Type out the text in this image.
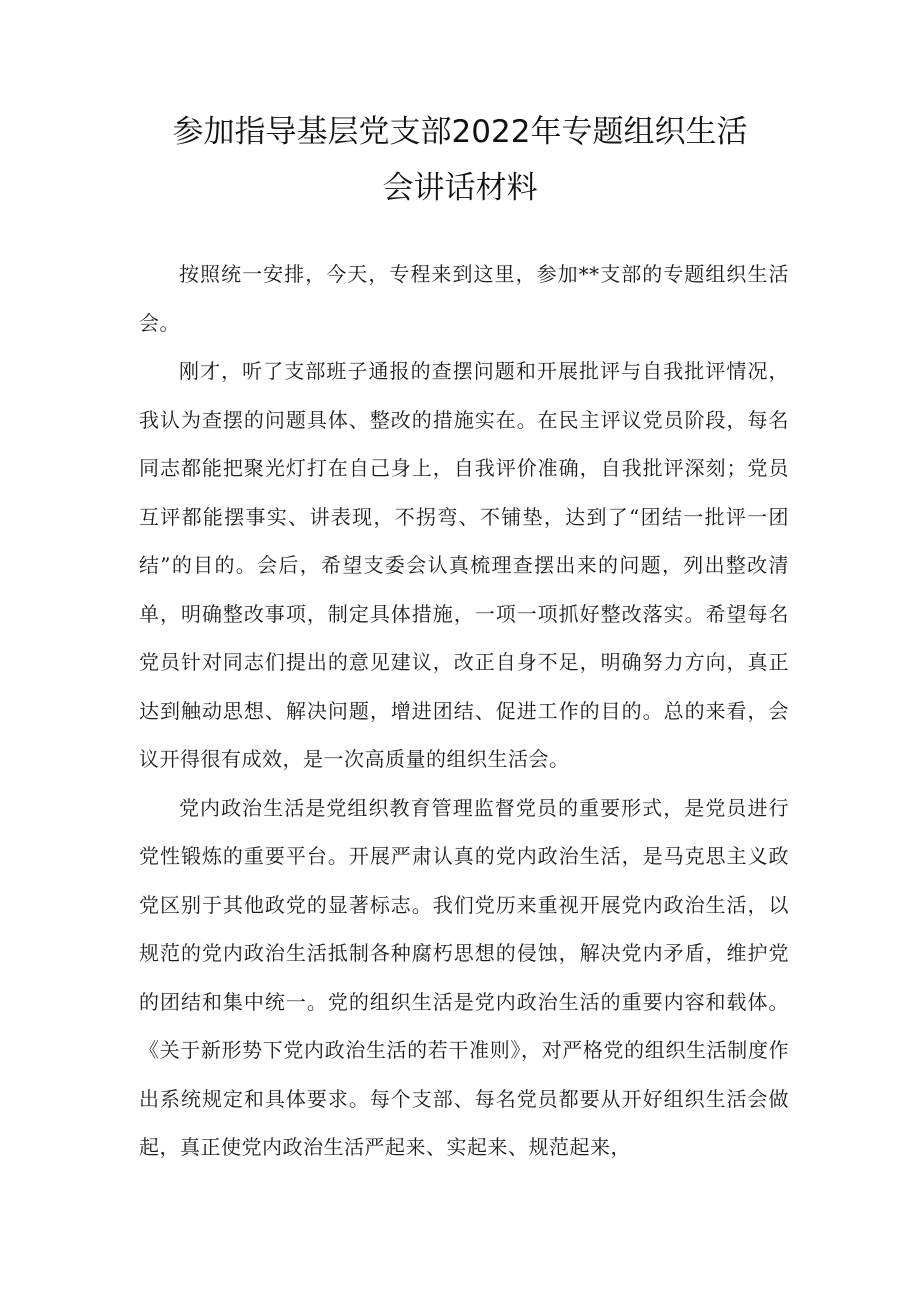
参加指导基层党支部2022年专题组织生活
会讲话材料

按照统一安排，今天，专程来到这里，参加**支部的专题组织生活会。

刚才，听了支部班子通报的查摆问题和开展批评与自我批评情况，我认为查摆的问题具体、整改的措施实在。在民主评议党员阶段，每名同志都能把聚光灯打在自己身上，自我评价准确，自我批评深刻；党员互评都能摆事实、讲表现，不拐弯、不铺垫，达到了“团结一批评一团结”的目的。会后，希望支委会认真梳理查摆出来的问题，列出整改清单，明确整改事项，制定具体措施，一项一项抓好整改落实。希望每名党员针对同志们提出的意见建议，改正自身不足，明确努力方向，真正达到触动思想、解决问题，增进团结、促进工作的目的。总的来看，会议开得很有成效，是一次高质量的组织生活会。

党内政治生活是党组织教育管理监督党员的重要形式，是党员进行党性锻炼的重要平台。开展严肃认真的党内政治生活，是马克思主义政党区别于其他政党的显著标志。我们党历来重视开展党内政治生活，以规范的党内政治生活抵制各种腐朽思想的侵蚀，解决党内矛盾，维护党的团结和集中统一。党的组织生活是党内政治生活的重要内容和载体。《关于新形势下党内政治生活的若干准则》，对严格党的组织生活制度作出系统规定和具体要求。每个支部、每名党员都要从开好组织生活会做起，真正使党内政治生活严起来、实起来、规范起来，
